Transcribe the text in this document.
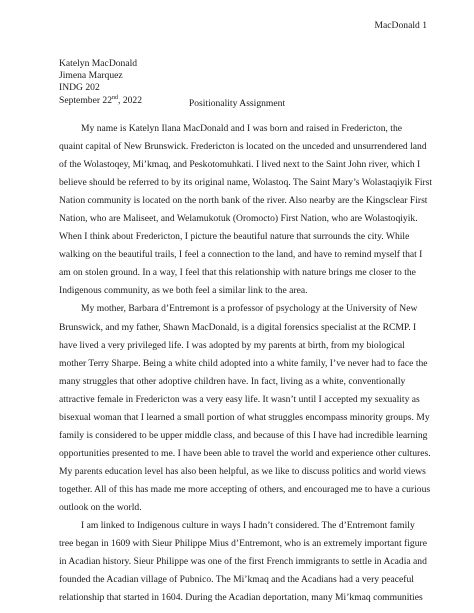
MacDonald 1
Katelyn MacDonald
Jimena Marquez
INDG 202
September 22nd, 2022	Positionality Assignment

My name is Katelyn Ilana MacDonald and I was born and raised in Fredericton, the
quaint capital of New Brunswick. Fredericton is located on the unceded and unsurrendered land
of the Wolastoqey, Mi’kmaq, and Peskotomuhkati. I lived next to the Saint John river, which I
believe should be referred to by its original name, Wolastoq. The Saint Mary’s Wolastaqiyik First
Nation community is located on the north bank of the river. Also nearby are the Kingsclear First
Nation, who are Maliseet, and Welamukotuk (Oromocto) First Nation, who are Wolastoqiyik.
When I think about Fredericton, I picture the beautiful nature that surrounds the city. While
walking on the beautiful trails, I feel a connection to the land, and have to remind myself that I
am on stolen ground. In a way, I feel that this relationship with nature brings me closer to the
Indigenous community, as we both feel a similar link to the area.

My mother, Barbara d’Entremont is a professor of psychology at the University of New
Brunswick, and my father, Shawn MacDonald, is a digital forensics specialist at the RCMP. I
have lived a very privileged life. I was adopted by my parents at birth, from my biological
mother Terry Sharpe. Being a white child adopted into a white family, I’ve never had to face the
many struggles that other adoptive children have. In fact, living as a white, conventionally
attractive female in Fredericton was a very easy life. It wasn’t until I accepted my sexuality as
bisexual woman that I learned a small portion of what struggles encompass minority groups. My
family is considered to be upper middle class, and because of this I have had incredible learning
opportunities presented to me. I have been able to travel the world and experience other cultures.
My parents education level has also been helpful, as we like to discuss politics and world views
together. All of this has made me more accepting of others, and encouraged me to have a curious
outlook on the world.

I am linked to Indigenous culture in ways I hadn’t considered. The d’Entremont family
tree began in 1609 with Sieur Philippe Mius d’Entremont, who is an extremely important figure
in Acadian history. Sieur Philippe was one of the first French immigrants to settle in Acadia and
founded the Acadian village of Pubnico. The Mi’kmaq and the Acadians had a very peaceful
relationship that started in 1604. During the Acadian deportation, many Mi’kmaq communities
